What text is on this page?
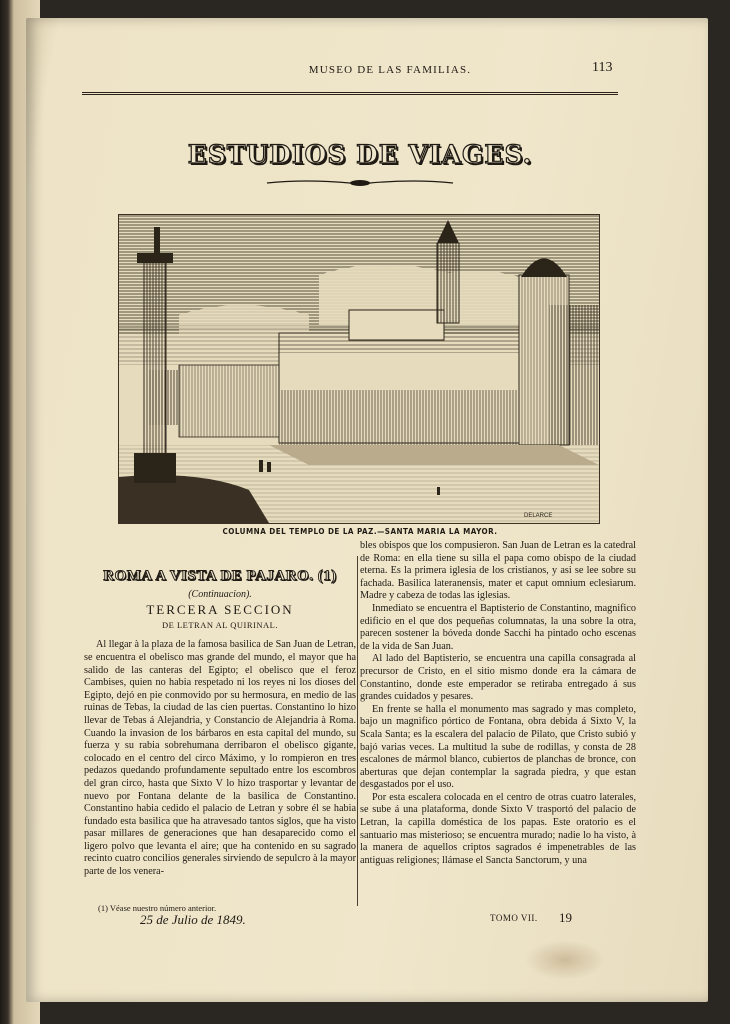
MUSEO DE LAS FAMILIAS.	113
ESTUDIOS DE VIAGES.
DELARCE
COLUMNA DEL TEMPLO DE LA PAZ.—SANTA MARIA LA MAYOR.
ROMA A VISTA DE PAJARO. (1)
(Continuacion).
TERCERA SECCION
DE LETRAN AL QUIRINAL.

Al llegar à la plaza de la famosa basilica de San Juan de Letran, se encuentra el obelisco mas grande del mundo, el mayor que ha salido de las canteras del Egipto; el obelisco que el feroz Cambises, quien no habia respetado ni los reyes ni los dioses del Egipto, dejó en pie conmovido por su hermosura, en medio de las ruinas de Tebas, la ciudad de las cien puertas. Constantino lo hizo llevar de Tebas á Alejandria, y Constancio de Alejandria à Roma. Cuando la invasion de los bárbaros en esta capital del mundo, su fuerza y su rabia sobrehumana derribaron el obelisco gigante, colocado en el centro del circo Máximo, y lo rompieron en tres pedazos quedando profundamente sepultado entre los escombros del gran circo, hasta que Sixto V lo hizo trasportar y levantar de nuevo por Fontana delante de la basilica de Constantino. Constantino habia cedido el palacio de Letran y sobre él se habia fundado esta basilica que ha atravesado tantos siglos, que ha visto pasar millares de generaciones que han desaparecido como el ligero polvo que levanta el aire; que ha contenido en su sagrado recinto cuatro concilios generales sirviendo de sepulcro à la mayor parte de los venera-

bles obispos que los compusieron. San Juan de Letran es la catedral de Roma: en ella tiene su silla el papa como obispo de la ciudad eterna. Es la primera iglesia de los cristianos, y asi se lee sobre su fachada. Basilica lateranensis, mater et caput omnium eclesiarum. Madre y cabeza de todas las iglesias.

Inmediato se encuentra el Baptisterio de Constantino, magnifico edificio en el que dos pequeñas columnatas, la una sobre la otra, parecen sostener la bóveda donde Sacchi ha pintado ocho escenas de la vida de San Juan.

Al lado del Baptisterio, se encuentra una capilla consagrada al precursor de Cristo, en el sitio mismo donde era la cámara de Constantino, donde este emperador se retiraba entregado á sus grandes cuidados y pesares.

En frente se halla el monumento mas sagrado y mas completo, bajo un magnifico pórtico de Fontana, obra debida á Sixto V, la Scala Santa; es la escalera del palacio de Pilato, que Cristo subió y bajó varias veces. La multitud la sube de rodillas, y consta de 28 escalones de mármol blanco, cubiertos de planchas de bronce, con aberturas que dejan contemplar la sagrada piedra, y que estan desgastados por el uso.

Por esta escalera colocada en el centro de otras cuatro laterales, se sube á una plataforma, donde Sixto V trasportó del palacio de Letran, la capilla doméstica de los papas. Este oratorio es el santuario mas misterioso; se encuentra murado; nadie lo ha visto, à la manera de aquellos criptos sagrados é impenetrables de las antiguas religiones; llámase el Sancta Sanctorum, y una

(1) Véase nuestro número anterior.
25 de Julio de 1849.	TOMO VII. 19
